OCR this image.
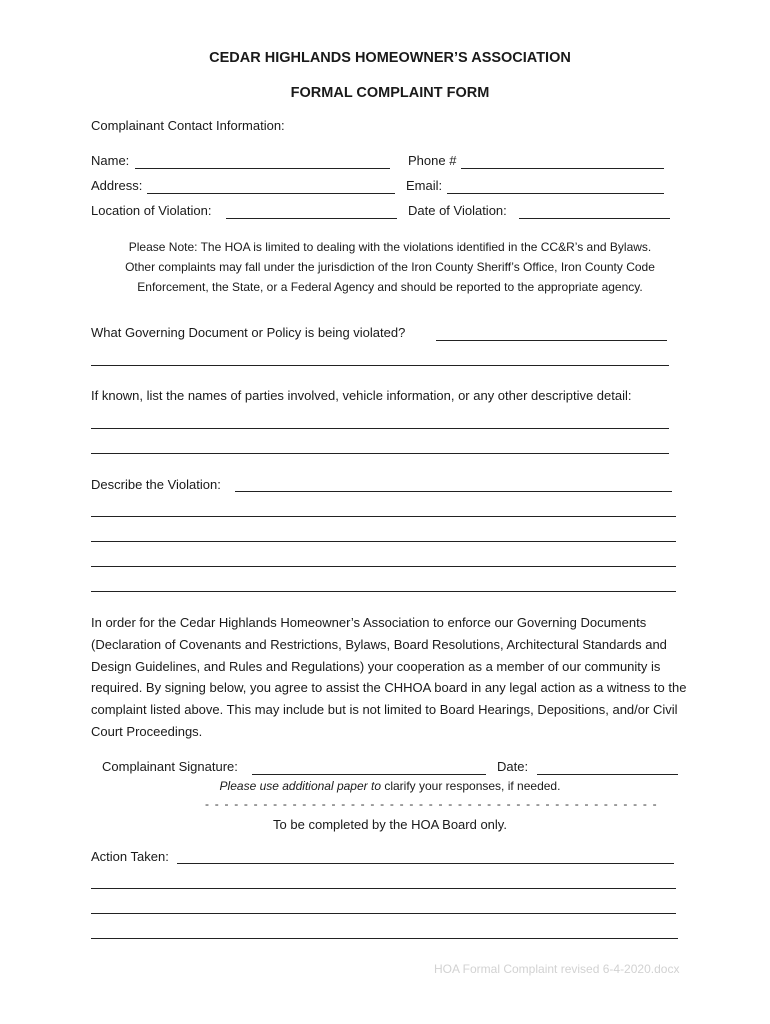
CEDAR HIGHLANDS HOMEOWNER’S ASSOCIATION
FORMAL COMPLAINT FORM
Complainant Contact Information:
Name:	Phone #
Address:	Email:
Location of Violation:	Date of Violation:
Please Note: The HOA is limited to dealing with the violations identified in the CC&R’s and Bylaws.
Other complaints may fall under the jurisdiction of the Iron County Sheriff’s Office, Iron County Code
Enforcement, the State, or a Federal Agency and should be reported to the appropriate agency.
What Governing Document or Policy is being violated?
If known, list the names of parties involved, vehicle information, or any other descriptive detail:
Describe the Violation:
In order for the Cedar Highlands Homeowner’s Association to enforce our Governing Documents (Declaration of Covenants and Restrictions, Bylaws, Board Resolutions, Architectural Standards and Design Guidelines, and Rules and Regulations) your cooperation as a member of our community is required. By signing below, you agree to assist the CHHOA board in any legal action as a witness to the complaint listed above. This may include but is not limited to Board Hearings, Depositions, and/or Civil Court Proceedings.
Complainant Signature:	Date:
Please use additional paper to clarify your responses, if needed.
- - - - - - - - - - - - - - - - - - - - - - - - - - - - - - - - - - - - - - - - - - - - - - -
To be completed by the HOA Board only.
Action Taken:
HOA Formal Complaint revised 6-4-2020.docx
